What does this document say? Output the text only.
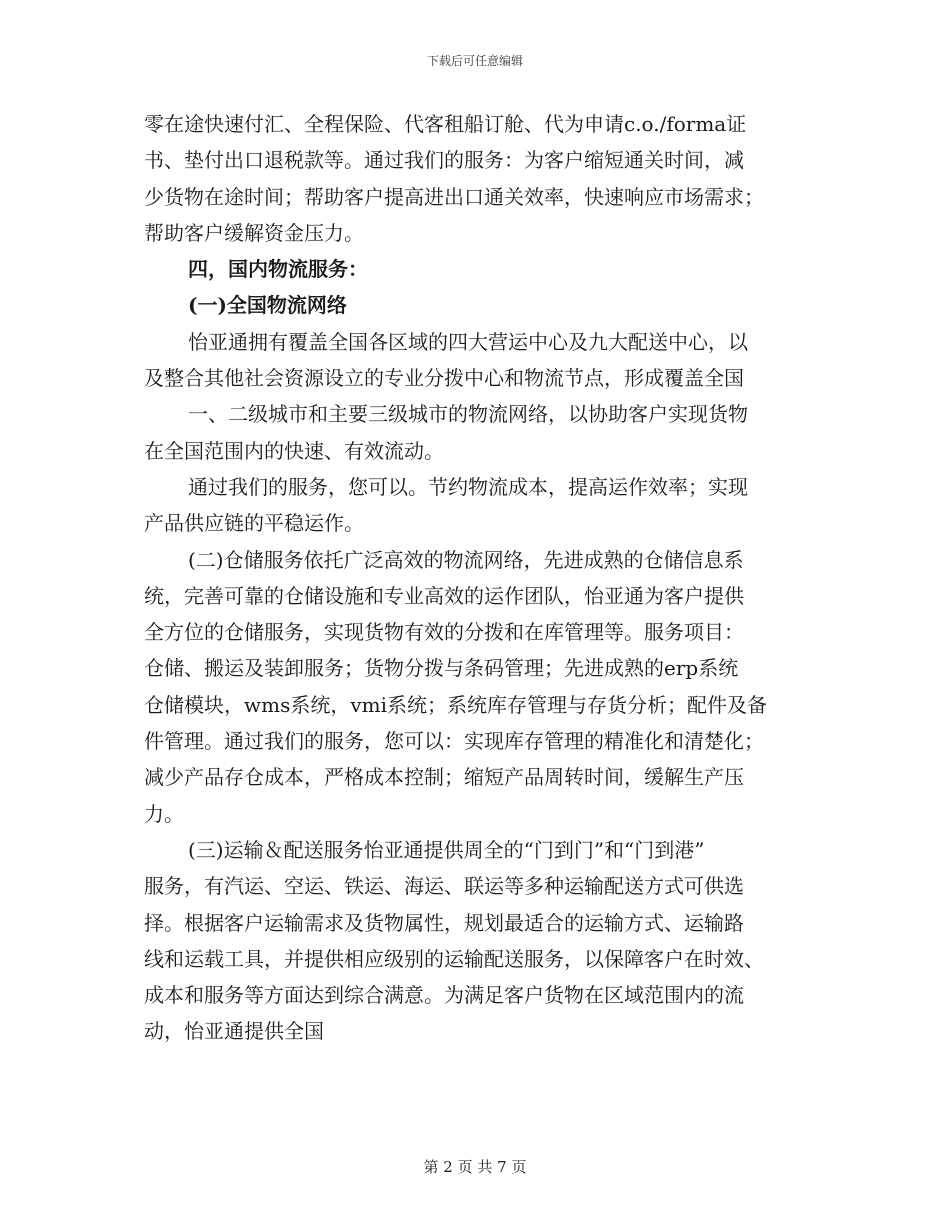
下载后可任意编辑
零在途快速付汇、全程保险、代客租船订舱、代为申请c.o./forma证
书、垫付出口退税款等。通过我们的服务：为客户缩短通关时间，减
少货物在途时间；帮助客户提高进出口通关效率，快速响应市场需求；
帮助客户缓解资金压力。
四，国内物流服务：
(一)全国物流网络
怡亚通拥有覆盖全国各区域的四大营运中心及九大配送中心，以
及整合其他社会资源设立的专业分拨中心和物流节点，形成覆盖全国
一、二级城市和主要三级城市的物流网络，以协助客户实现货物
在全国范围内的快速、有效流动。
通过我们的服务，您可以。节约物流成本，提高运作效率；实现
产品供应链的平稳运作。
(二)仓储服务依托广泛高效的物流网络，先进成熟的仓储信息系
统，完善可靠的仓储设施和专业高效的运作团队，怡亚通为客户提供
全方位的仓储服务，实现货物有效的分拨和在库管理等。服务项目：
仓储、搬运及装卸服务；货物分拨与条码管理；先进成熟的erp系统
仓储模块，wms系统，vmi系统；系统库存管理与存货分析；配件及备
件管理。通过我们的服务，您可以：实现库存管理的精准化和清楚化；
减少产品存仓成本，严格成本控制；缩短产品周转时间，缓解生产压
力。
(三)运输＆配送服务怡亚通提供周全的“门到门”和“门到港”
服务，有汽运、空运、铁运、海运、联运等多种运输配送方式可供选
择。根据客户运输需求及货物属性，规划最适合的运输方式、运输路
线和运载工具，并提供相应级别的运输配送服务，以保障客户在时效、
成本和服务等方面达到综合满意。为满足客户货物在区域范围内的流
动，怡亚通提供全国
第 2 页 共 7 页
